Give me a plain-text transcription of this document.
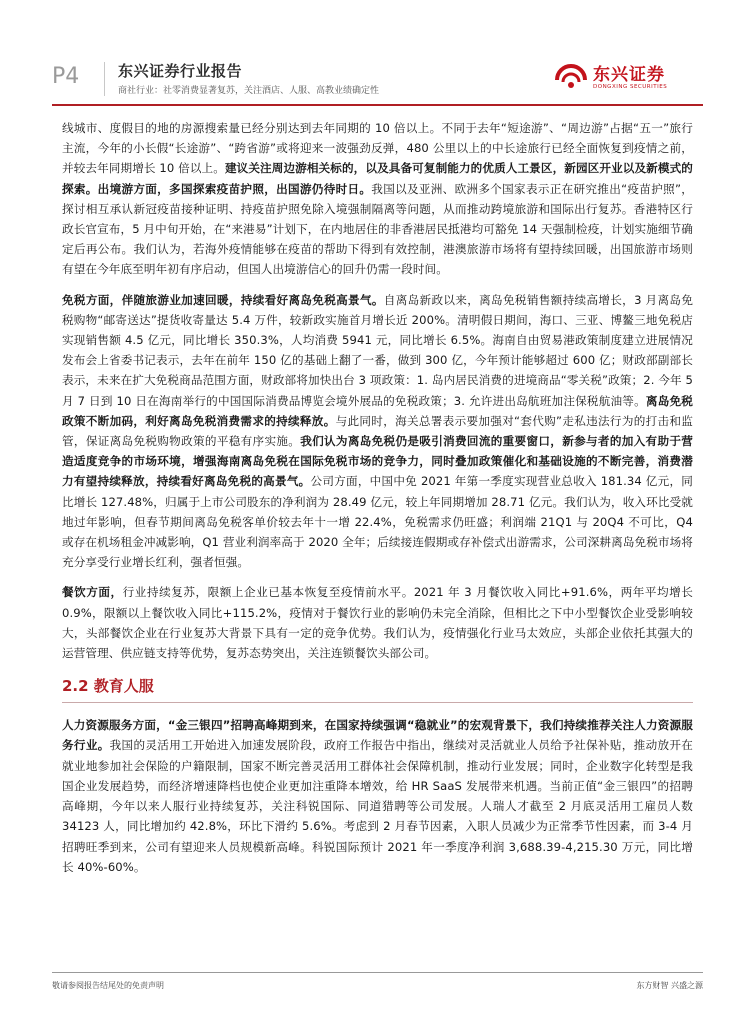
P4	东兴证券行业报告
商社行业：社零消费显著复苏，关注酒店、人服、高教业绩确定性
东兴证券
DONGXING SECURITIES

线城市、度假目的地的房源搜索量已经分别达到去年同期的 10 倍以上。不同于去年“短途游”、“周边游”占据“五一”旅行主流，今年的小长假“长途游”、“跨省游”或将迎来一波强劲反弹，480 公里以上的中长途旅行已经全面恢复到疫情之前，并较去年同期增长 10 倍以上。建议关注周边游相关标的，以及具备可复制能力的优质人工景区，新园区开业以及新模式的探索。出境游方面，多国探索疫苗护照，出国游仍待时日。我国以及亚洲、欧洲多个国家表示正在研究推出“疫苗护照”，探讨相互承认新冠疫苗接种证明、持疫苗护照免除入境强制隔离等问题，从而推动跨境旅游和国际出行复苏。香港特区行政长官宣布，5 月中旬开始，在“来港易”计划下，在内地居住的非香港居民抵港均可豁免 14 天强制检疫，计划实施细节确定后再公布。我们认为，若海外疫情能够在疫苗的帮助下得到有效控制，港澳旅游市场将有望持续回暖，出国旅游市场则有望在今年底至明年初有序启动，但国人出境游信心的回升仍需一段时间。

免税方面，伴随旅游业加速回暖，持续看好离岛免税高景气。自离岛新政以来，离岛免税销售额持续高增长，3 月离岛免税购物“邮寄送达”提货收寄量达 5.4 万件，较新政实施首月增长近 200%。清明假日期间，海口、三亚、博鳌三地免税店实现销售额 4.5 亿元，同比增长 350.3%，人均消费 5941 元，同比增长 6.5%。海南自由贸易港政策制度建立进展情况发布会上省委书记表示，去年在前年 150 亿的基础上翻了一番，做到 300 亿，今年预计能够超过 600 亿；财政部副部长表示，未来在扩大免税商品范围方面，财政部将加快出台 3 项政策：1. 岛内居民消费的进境商品“零关税”政策；2. 今年 5 月 7 日到 10 日在海南举行的中国国际消费品博览会境外展品的免税政策；3. 允许进出岛航班加注保税航油等。离岛免税政策不断加码，利好离岛免税消费需求的持续释放。与此同时，海关总署表示要加强对“套代购”走私违法行为的打击和监管，保证离岛免税购物政策的平稳有序实施。我们认为离岛免税仍是吸引消费回流的重要窗口，新参与者的加入有助于营造适度竞争的市场环境，增强海南离岛免税在国际免税市场的竞争力，同时叠加政策催化和基础设施的不断完善，消费潜力有望持续释放，持续看好离岛免税的高景气。公司方面，中国中免 2021 年第一季度实现营业总收入 181.34 亿元，同比增长 127.48%，归属于上市公司股东的净利润为 28.49 亿元，较上年同期增加 28.71 亿元。我们认为，收入环比受就地过年影响，但春节期间离岛免税客单价较去年十一增 22.4%，免税需求仍旺盛；利润端 21Q1 与 20Q4 不可比，Q4 或存在机场租金冲减影响，Q1 营业利润率高于 2020 全年；后续接连假期或存补偿式出游需求，公司深耕离岛免税市场将充分享受行业增长红利，强者恒强。

餐饮方面，行业持续复苏，限额上企业已基本恢复至疫情前水平。2021 年 3 月餐饮收入同比+91.6%，两年平均增长 0.9%，限额以上餐饮收入同比+115.2%，疫情对于餐饮行业的影响仍未完全消除，但相比之下中小型餐饮企业受影响较大，头部餐饮企业在行业复苏大背景下具有一定的竞争优势。我们认为，疫情强化行业马太效应，头部企业依托其强大的运营管理、供应链支持等优势，复苏态势突出，关注连锁餐饮头部公司。

2.2 教育人服

人力资源服务方面，“金三银四”招聘高峰期到来，在国家持续强调“稳就业”的宏观背景下，我们持续推荐关注人力资源服务行业。我国的灵活用工开始进入加速发展阶段，政府工作报告中指出，继续对灵活就业人员给予社保补贴，推动放开在就业地参加社会保险的户籍限制，国家不断完善灵活用工群体社会保障机制，推动行业发展；同时，企业数字化转型是我国企业发展趋势，而经济增速降档也使企业更加注重降本增效，给 HR SaaS 发展带来机遇。当前正值“金三银四”的招聘高峰期，今年以来人服行业持续复苏，关注科锐国际、同道猎聘等公司发展。人瑞人才截至 2 月底灵活用工雇员人数 34123 人，同比增加约 42.8%，环比下滑约 5.6%。考虑到 2 月春节因素，入职人员减少为正常季节性因素，而 3-4 月招聘旺季到来，公司有望迎来人员规模新高峰。科锐国际预计 2021 年一季度净利润 3,688.39-4,215.30 万元，同比增长 40%-60%。

敬请参阅报告结尾处的免责声明	东方财智 兴盛之源
